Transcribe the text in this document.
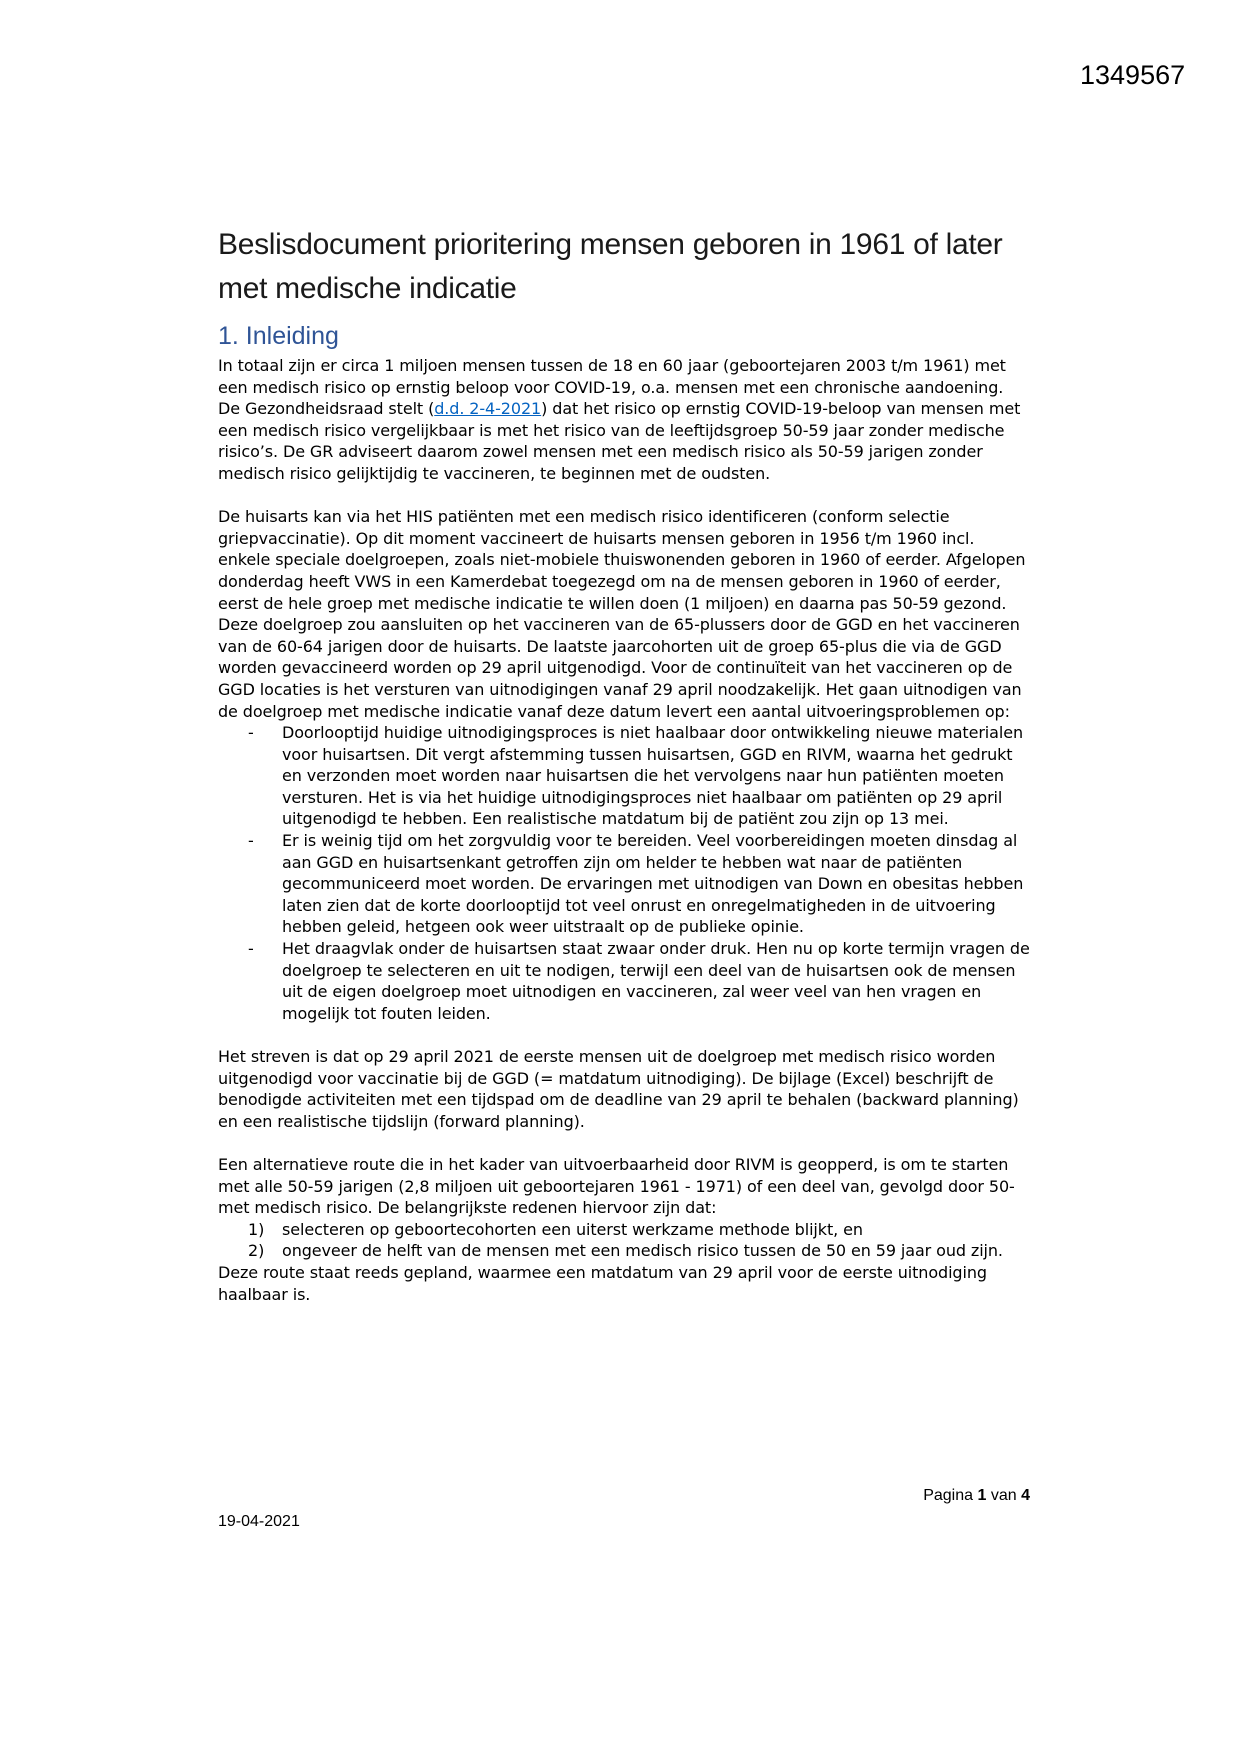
1349567
Beslisdocument prioritering mensen geboren in 1961 of later met medische indicatie
1. Inleiding

In totaal zijn er circa 1 miljoen mensen tussen de 18 en 60 jaar (geboortejaren 2003 t/m 1961) met een medisch risico op ernstig beloop voor COVID-19, o.a. mensen met een chronische aandoening. De Gezondheidsraad stelt (d.d. 2-4-2021) dat het risico op ernstig COVID-19-beloop van mensen met een medisch risico vergelijkbaar is met het risico van de leeftijdsgroep 50-59 jaar zonder medische risico’s. De GR adviseert daarom zowel mensen met een medisch risico als 50-59 jarigen zonder medisch risico gelijktijdig te vaccineren, te beginnen met de oudsten.

De huisarts kan via het HIS patiënten met een medisch risico identificeren (conform selectie griepvaccinatie). Op dit moment vaccineert de huisarts mensen geboren in 1956 t/m 1960 incl. enkele speciale doelgroepen, zoals niet-mobiele thuiswonenden geboren in 1960 of eerder. Afgelopen donderdag heeft VWS in een Kamerdebat toegezegd om na de mensen geboren in 1960 of eerder, eerst de hele groep met medische indicatie te willen doen (1 miljoen) en daarna pas 50-59 gezond. Deze doelgroep zou aansluiten op het vaccineren van de 65-plussers door de GGD en het vaccineren van de 60-64 jarigen door de huisarts. De laatste jaarcohorten uit de groep 65-plus die via de GGD worden gevaccineerd worden op 29 april uitgenodigd. Voor de continuïteit van het vaccineren op de GGD locaties is het versturen van uitnodigingen vanaf 29 april noodzakelijk. Het gaan uitnodigen van de doelgroep met medische indicatie vanaf deze datum levert een aantal uitvoeringsproblemen op:

- Doorlooptijd huidige uitnodigingsproces is niet haalbaar door ontwikkeling nieuwe materialen voor huisartsen. Dit vergt afstemming tussen huisartsen, GGD en RIVM, waarna het gedrukt en verzonden moet worden naar huisartsen die het vervolgens naar hun patiënten moeten versturen. Het is via het huidige uitnodigingsproces niet haalbaar om patiënten op 29 april uitgenodigd te hebben. Een realistische matdatum bij de patiënt zou zijn op 13 mei.
- Er is weinig tijd om het zorgvuldig voor te bereiden. Veel voorbereidingen moeten dinsdag al aan GGD en huisartsenkant getroffen zijn om helder te hebben wat naar de patiënten gecommuniceerd moet worden. De ervaringen met uitnodigen van Down en obesitas hebben laten zien dat de korte doorlooptijd tot veel onrust en onregelmatigheden in de uitvoering hebben geleid, hetgeen ook weer uitstraalt op de publieke opinie.
- Het draagvlak onder de huisartsen staat zwaar onder druk. Hen nu op korte termijn vragen de doelgroep te selecteren en uit te nodigen, terwijl een deel van de huisartsen ook de mensen uit de eigen doelgroep moet uitnodigen en vaccineren, zal weer veel van hen vragen en mogelijk tot fouten leiden.

Het streven is dat op 29 april 2021 de eerste mensen uit de doelgroep met medisch risico worden uitgenodigd voor vaccinatie bij de GGD (= matdatum uitnodiging). De bijlage (Excel) beschrijft de benodigde activiteiten met een tijdspad om de deadline van 29 april te behalen (backward planning) en een realistische tijdslijn (forward planning).

Een alternatieve route die in het kader van uitvoerbaarheid door RIVM is geopperd, is om te starten met alle 50-59 jarigen (2,8 miljoen uit geboortejaren 1961 - 1971) of een deel van, gevolgd door 50- met medisch risico. De belangrijkste redenen hiervoor zijn dat:

1) selecteren op geboortecohorten een uiterst werkzame methode blijkt, en
2) ongeveer de helft van de mensen met een medisch risico tussen de 50 en 59 jaar oud zijn.

Deze route staat reeds gepland, waarmee een matdatum van 29 april voor de eerste uitnodiging haalbaar is.

Pagina 1 van 4
19-04-2021
